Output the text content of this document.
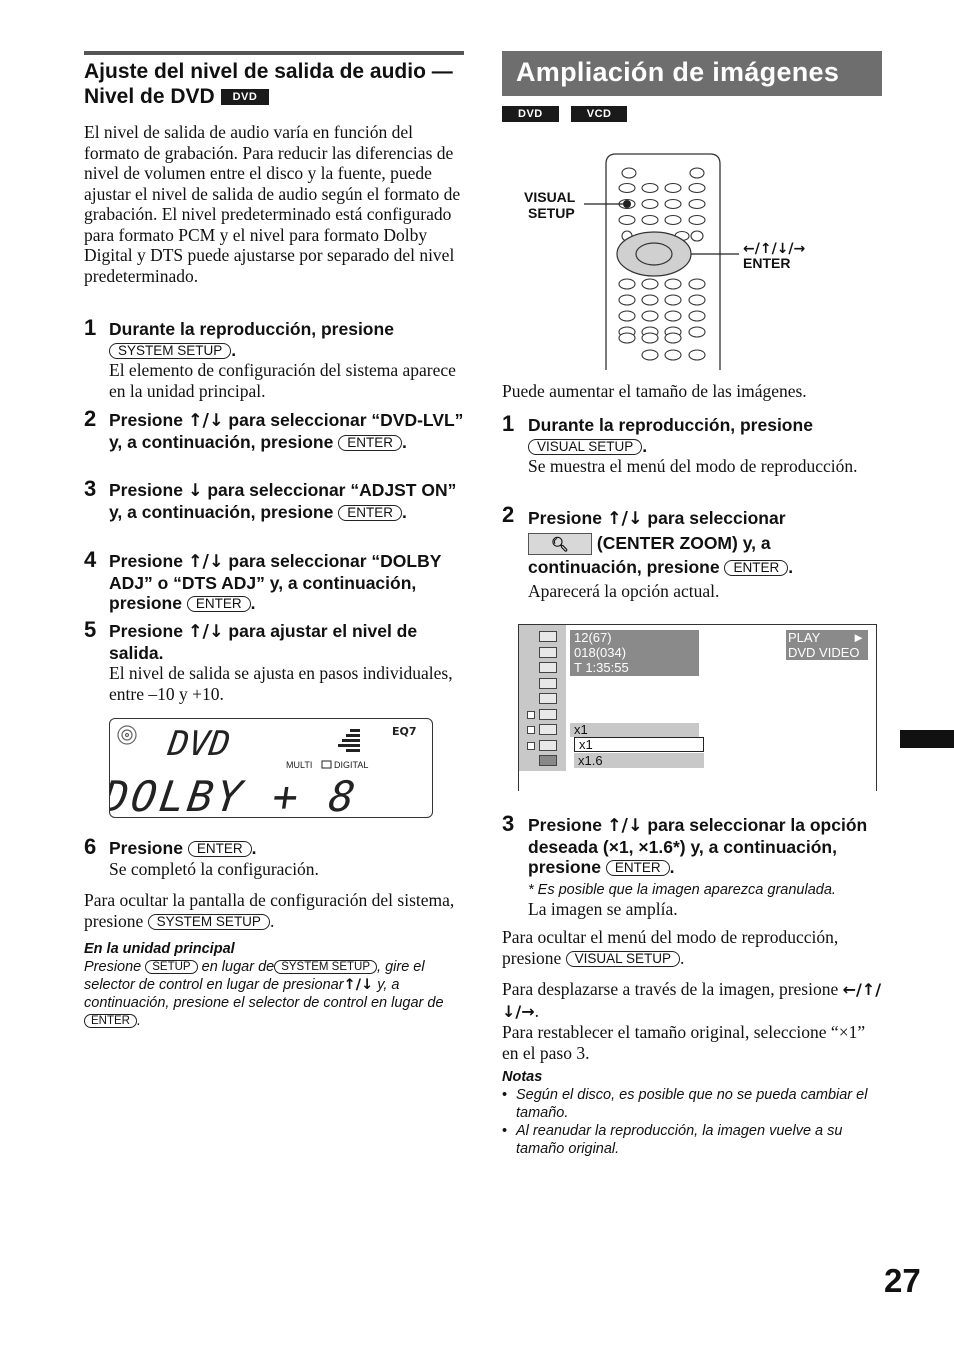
Ajuste del nivel de salida de audio — Nivel de DVD DVD
El nivel de salida de audio varía en función del formato de grabación. Para reducir las diferencias de nivel de volumen entre el disco y la fuente, puede ajustar el nivel de salida de audio según el formato de grabación. El nivel predeterminado está configurado para formato PCM y el nivel para formato Dolby Digital y DTS puede ajustarse por separado del nivel predeterminado.
1 Durante la reproducción, presione
SYSTEM SETUP .
El elemento de configuración del sistema aparece en la unidad principal.
2 Presione ↑/↓ para seleccionar “DVD-LVL” y, a continuación, presione ENTER .
3 Presione ↓ para seleccionar “ADJST ON” y, a continuación, presione ENTER .
4 Presione ↑/↓ para seleccionar “DOLBY ADJ” o “DTS ADJ” y, a continuación, presione ENTER .
5 Presione ↑/↓ para ajustar el nivel de salida.
El nivel de salida se ajusta en pasos individuales, entre –10 y +10.
DVD	EQ7
MULTI DIGITAL
DOLBY + 8
6 Presione ENTER .
Se completó la configuración.
Para ocultar la pantalla de configuración del sistema, presione SYSTEM SETUP .
En la unidad principal
Presione SETUP en lugar de SYSTEM SETUP , gire el selector de control en lugar de presionar↑/↓ y, a continuación, presione el selector de control en lugar de ENTER .
Ampliación de imágenes
DVD	VCD
VISUAL
SETUP
←/↑/↓/→
ENTER
Puede aumentar el tamaño de las imágenes.
1 Durante la reproducción, presione
VISUAL SETUP .
Se muestra el menú del modo de reproducción.
2 Presione ↑/↓ para seleccionar
🔍︎ (CENTER ZOOM) y, a continuación, presione ENTER .
Aparecerá la opción actual.
12(67)
018(034)
T 1:35:55
PLAY ►
DVD VIDEO
x1
x1
x1.6
3 Presione ↑/↓ para seleccionar la opción deseada (×1, ×1.6*) y, a continuación, presione ENTER .
* Es posible que la imagen aparezca granulada.
La imagen se amplía.
Para ocultar el menú del modo de reproducción, presione VISUAL SETUP .
Para desplazarse a través de la imagen, presione ←/↑/↓/→.
Para restablecer el tamaño original, seleccione “×1” en el paso 3.
Notas
• Según el disco, es posible que no se pueda cambiar el tamaño.
• Al reanudar la reproducción, la imagen vuelve a su tamaño original.
27
